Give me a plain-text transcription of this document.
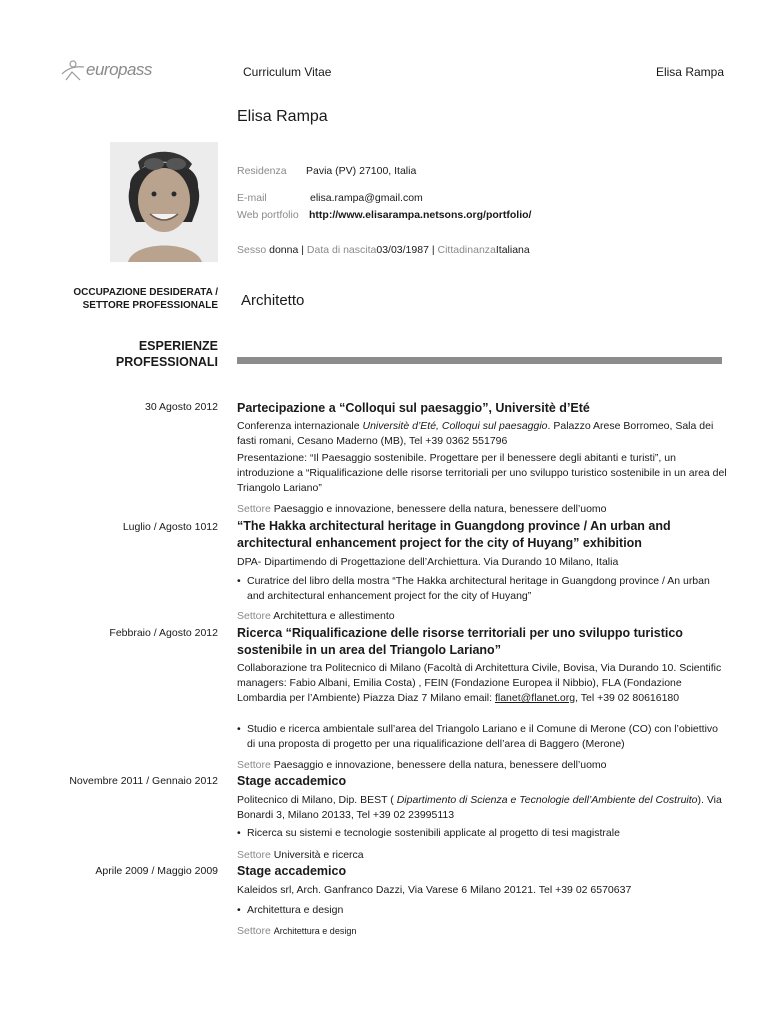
europass	Curriculum Vitae	Elisa Rampa
Elisa Rampa
Residenza Pavia (PV) 27100, Italia
E-mail	elisa.rampa@gmail.com
Web portfolio http://www.elisarampa.netsons.org/portfolio/
Sesso donna | Data di nascita03/03/1987 | CittadinanzaItaliana
OCCUPAZIONE DESIDERATA /
SETTORE PROFESSIONALE Architetto
ESPERIENZE
PROFESSIONALI
30 Agosto 2012 Partecipazione a “Colloqui sul paesaggio”, Universitè d’Eté
Conferenza internazionale Universitè d’Eté, Colloqui sul paesaggio. Palazzo Arese Borromeo, Sala dei fasti romani, Cesano Maderno (MB), Tel +39 0362 551796
Presentazione: “Il Paesaggio sostenibile. Progettare per il benessere degli abitanti e turisti”, un introduzione a “Riqualificazione delle risorse territoriali per uno sviluppo turistico sostenibile in un area del Triangolo Lariano”
Settore Paesaggio e innovazione, benessere della natura, benessere dell’uomo
Luglio / Agosto 1012 “The Hakka architectural heritage in Guangdong province / An urban and architectural enhancement project for the city of Huyang” exhibition
DPA- Dipartimendo di Progettazione dell’Archiettura. Via Durando 10 Milano, Italia
• Curatrice del libro della mostra “The Hakka architectural heritage in Guangdong province / An urban and architectural enhancement project for the city of Huyang”
Settore Architettura e allestimento
Febbraio / Agosto 2012 Ricerca “Riqualificazione delle risorse territoriali per uno sviluppo turistico sostenibile in un area del Triangolo Lariano”
Collaborazione tra Politecnico di Milano (Facoltà di Architettura Civile, Bovisa, Via Durando 10. Scientific managers: Fabio Albani, Emilia Costa) , FEIN (Fondazione Europea il Nibbio), FLA (Fondazione Lombardia per l’Ambiente) Piazza Diaz 7 Milano email: flanet@flanet.org, Tel +39 02 80616180
• Studio e ricerca ambientale sull’area del Triangolo Lariano e il Comune di Merone (CO) con l’obiettivo di una proposta di progetto per una riqualificazione dell’area di Baggero (Merone)
Settore Paesaggio e innovazione, benessere della natura, benessere dell’uomo
Novembre 2011 / Gennaio 2012 Stage accademico
Politecnico di Milano, Dip. BEST ( Dipartimento di Scienza e Tecnologie dell’Ambiente del Costruito). Via Bonardi 3, Milano 20133, Tel +39 02 23995113
• Ricerca su sistemi e tecnologie sostenibili applicate al progetto di tesi magistrale
Settore Università e ricerca
Aprile 2009 / Maggio 2009 Stage accademico
Kaleidos srl, Arch. Ganfranco Dazzi, Via Varese 6 Milano 20121. Tel +39 02 6570637
• Architettura e design
Settore Architettura e design
